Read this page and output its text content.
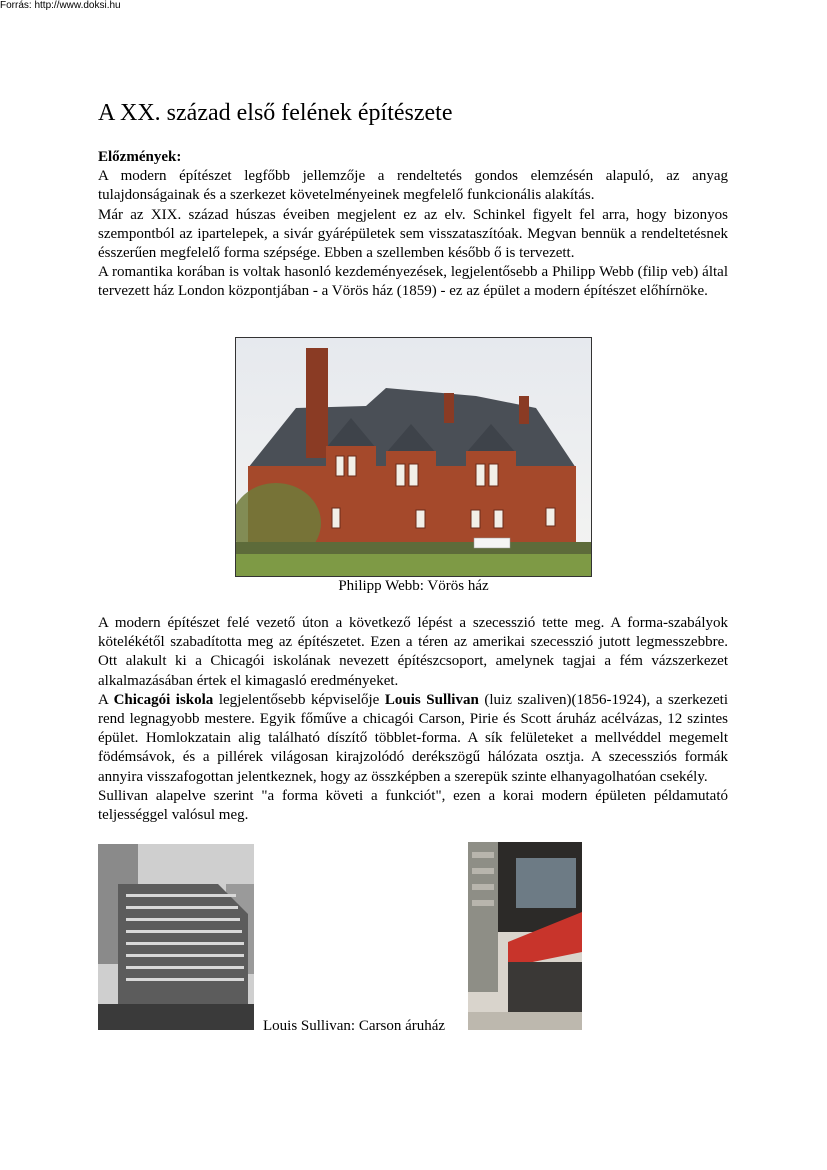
Forrás: http://www.doksi.hu
A XX. század első felének építészete

Előzmények:

A modern építészet legfőbb jellemzője a rendeltetés gondos elemzésén alapuló, az anyag tulajdonságainak és a szerkezet követelményeinek megfelelő funkcionális alakítás.

Már az XIX. század húszas éveiben megjelent ez az elv. Schinkel figyelt fel arra, hogy bizonyos szempontból az ipartelepek, a sivár gyárépületek sem visszataszítóak. Megvan bennük a rendeltetésnek ésszerűen megfelelő forma szépsége. Ebben a szellemben később ő is tervezett.

A romantika korában is voltak hasonló kezdeményezések, legjelentősebb a Philipp Webb (filip veb) által tervezett ház London központjában - a Vörös ház (1859) - ez az épület a modern építészet előhírnöke.

Philipp Webb: Vörös ház

A modern építészet felé vezető úton a következő lépést a szecesszió tette meg. A forma-szabályok kötelékétől szabadította meg az építészetet. Ezen a téren az amerikai szecesszió jutott legmesszebbre. Ott alakult ki a Chicagói iskolának nevezett építészcsoport, amelynek tagjai a fém vázszerkezet alkalmazásában értek el kimagasló eredményeket.

A Chicagói iskola legjelentősebb képviselője Louis Sullivan (luiz szaliven)(1856-1924), a szerkezeti rend legnagyobb mestere. Egyik főműve a chicagói Carson, Pirie és Scott áruház acélvázas, 12 szintes épület. Homlokzatain alig található díszítő többlet-forma. A sík felületeket a mellvéddel megemelt födémsávok, és a pillérek világosan kirajzolódó derékszögű hálózata osztja. A szecessziós formák annyira visszafogottan jelentkeznek, hogy az összképben a szerepük szinte elhanyagolhatóan csekély.

Sullivan alapelve szerint "a forma követi a funkciót", ezen a korai modern épületen példamutató teljességgel valósul meg.

Louis Sullivan: Carson áruház
